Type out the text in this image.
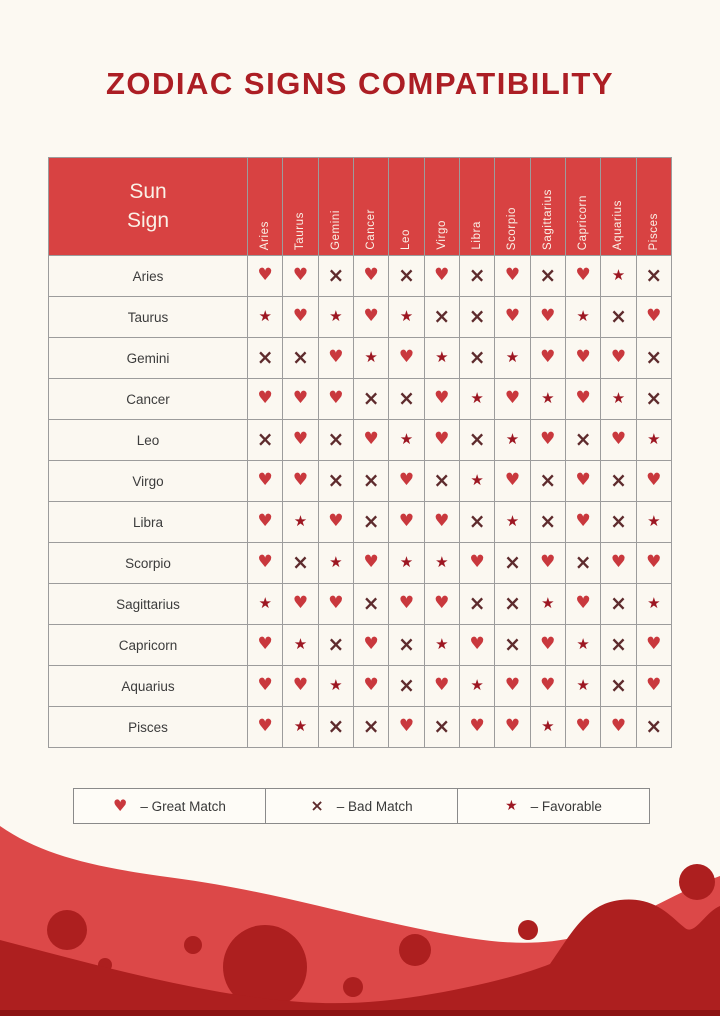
ZODIAC SIGNS COMPATIBILITY
Sun
Sign	Aries	Taurus	Gemini	Cancer	Leo	Virgo	Libra	Scorpio	Sagittarius	Capricorn	Aquarius	Pisces
Aries	♥	♥	×	♥	×	♥	×	♥	×	♥	★	×
Taurus	★	♥	★	♥	★	×	×	♥	♥	★	×	♥
Gemini	×	×	♥	★	♥	★	×	★	♥	♥	♥	×
Cancer	♥	♥	♥	×	×	♥	★	♥	★	♥	★	×
Leo	×	♥	×	♥	★	♥	×	★	♥	×	♥	★
Virgo	♥	♥	×	×	♥	×	★	♥	×	♥	×	♥
Libra	♥	★	♥	×	♥	♥	×	★	×	♥	×	★
Scorpio	♥	×	★	♥	★	★	♥	×	♥	×	♥	♥
Sagittarius	★	♥	♥	×	♥	♥	×	×	★	♥	×	★
Capricorn	♥	★	×	♥	×	★	♥	×	♥	★	×	♥
Aquarius	♥	♥	★	♥	×	♥	★	♥	♥	★	×	♥
Pisces	♥	★	×	×	♥	×	♥	♥	★	♥	♥	×
♥ – Great Match	× – Bad Match	★ – Favorable
